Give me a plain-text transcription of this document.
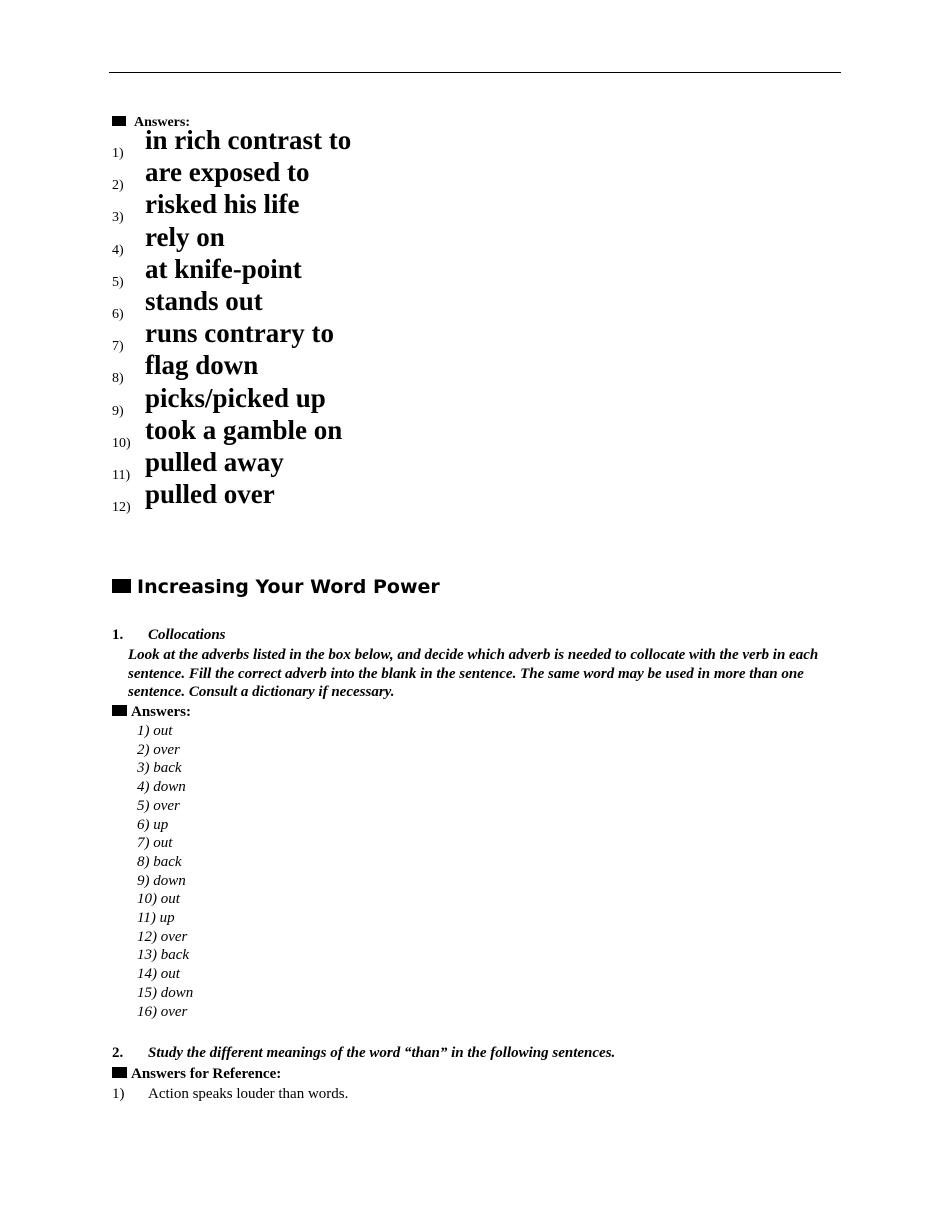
Answers:
1) in rich contrast to
2) are exposed to
3) risked his life
4) rely on
5) at knife-point
6) stands out
7) runs contrary to
8) flag down
9) picks/picked up
10) took a gamble on
11) pulled away
12) pulled over
Increasing Your Word Power
1. Collocations
Look at the adverbs listed in the box below, and decide which adverb is needed to collocate with the verb in each sentence. Fill the correct adverb into the blank in the sentence. The same word may be used in more than one sentence. Consult a dictionary if necessary.
Answers:
1) out
2) over
3) back
4) down
5) over
6) up
7) out
8) back
9) down
10) out
11) up
12) over
13) back
14) out
15) down
16) over
2. Study the different meanings of the word “than” in the following sentences.
Answers for Reference:
1) Action speaks louder than words.
